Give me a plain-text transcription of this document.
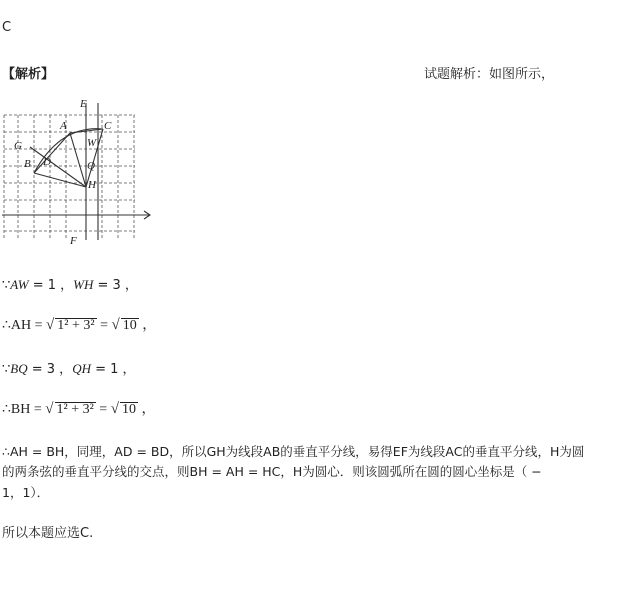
C
【解析】	试题解析：如图所示，
E
A	C
G	W
D	Q
B
H
F
∵AW = 1 ，WH = 3 ，
∴AH = √ 1² + 3² = √ 10 ，
∵BQ = 3 ，QH = 1 ，
∴BH = √ 1² + 3² = √ 10 ，
∴AH = BH，同理，AD = BD，所以GH为线段AB的垂直平分线，易得EF为线段AC的垂直平分线，H为圆
的两条弦的垂直平分线的交点，则BH = AH = HC，H为圆心．则该圆弧所在圆的圆心坐标是（ −
1，1）．
所以本题应选C.
